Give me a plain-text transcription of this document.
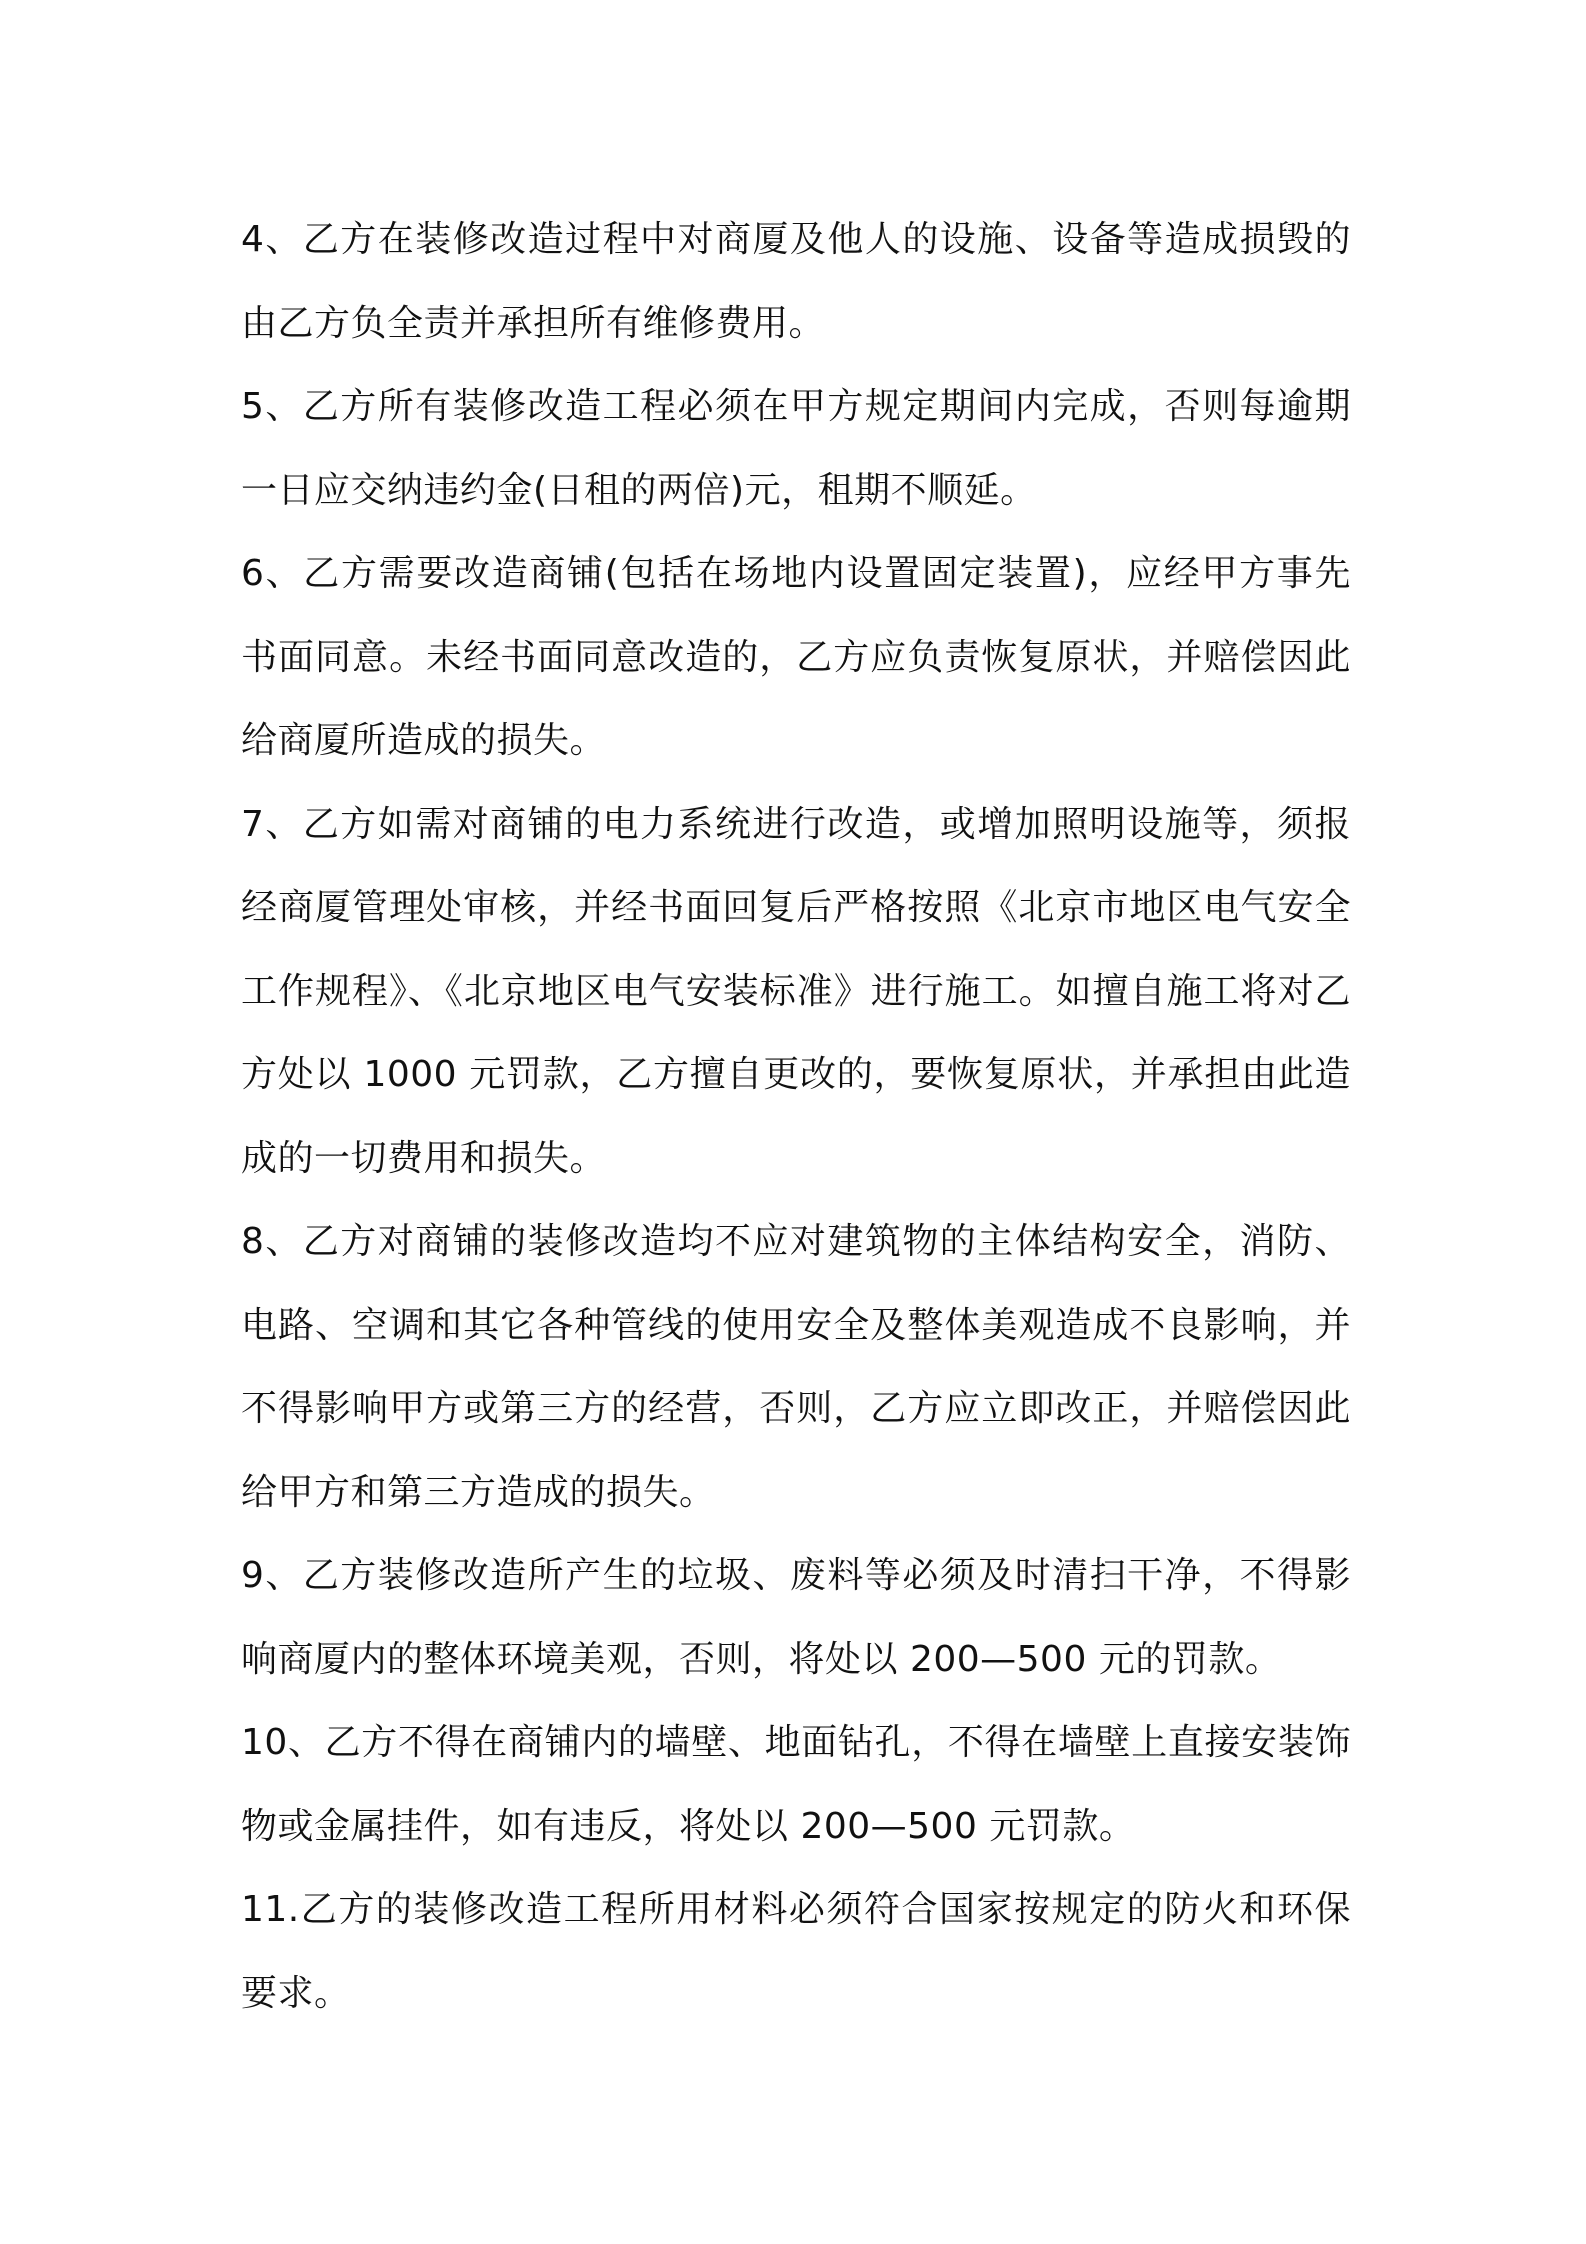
4、乙方在装修改造过程中对商厦及他人的设施、设备等造成损毁的
由乙方负全责并承担所有维修费用。
5、乙方所有装修改造工程必须在甲方规定期间内完成，否则每逾期
一日应交纳违约金(日租的两倍)元，租期不顺延。
6、乙方需要改造商铺(包括在场地内设置固定装置)，应经甲方事先
书面同意。未经书面同意改造的，乙方应负责恢复原状，并赔偿因此
给商厦所造成的损失。
7、乙方如需对商铺的电力系统进行改造，或增加照明设施等，须报
经商厦管理处审核，并经书面回复后严格按照《北京市地区电气安全
工作规程》、《北京地区电气安装标准》进行施工。如擅自施工将对乙
方处以 1000 元罚款，乙方擅自更改的，要恢复原状，并承担由此造
成的一切费用和损失。
8、乙方对商铺的装修改造均不应对建筑物的主体结构安全，消防、
电路、空调和其它各种管线的使用安全及整体美观造成不良影响，并
不得影响甲方或第三方的经营，否则，乙方应立即改正，并赔偿因此
给甲方和第三方造成的损失。
9、乙方装修改造所产生的垃圾、废料等必须及时清扫干净，不得影
响商厦内的整体环境美观，否则，将处以 200—500 元的罚款。
10、乙方不得在商铺内的墙壁、地面钻孔，不得在墙壁上直接安装饰
物或金属挂件，如有违反，将处以 200—500 元罚款。
11.乙方的装修改造工程所用材料必须符合国家按规定的防火和环保
要求。
